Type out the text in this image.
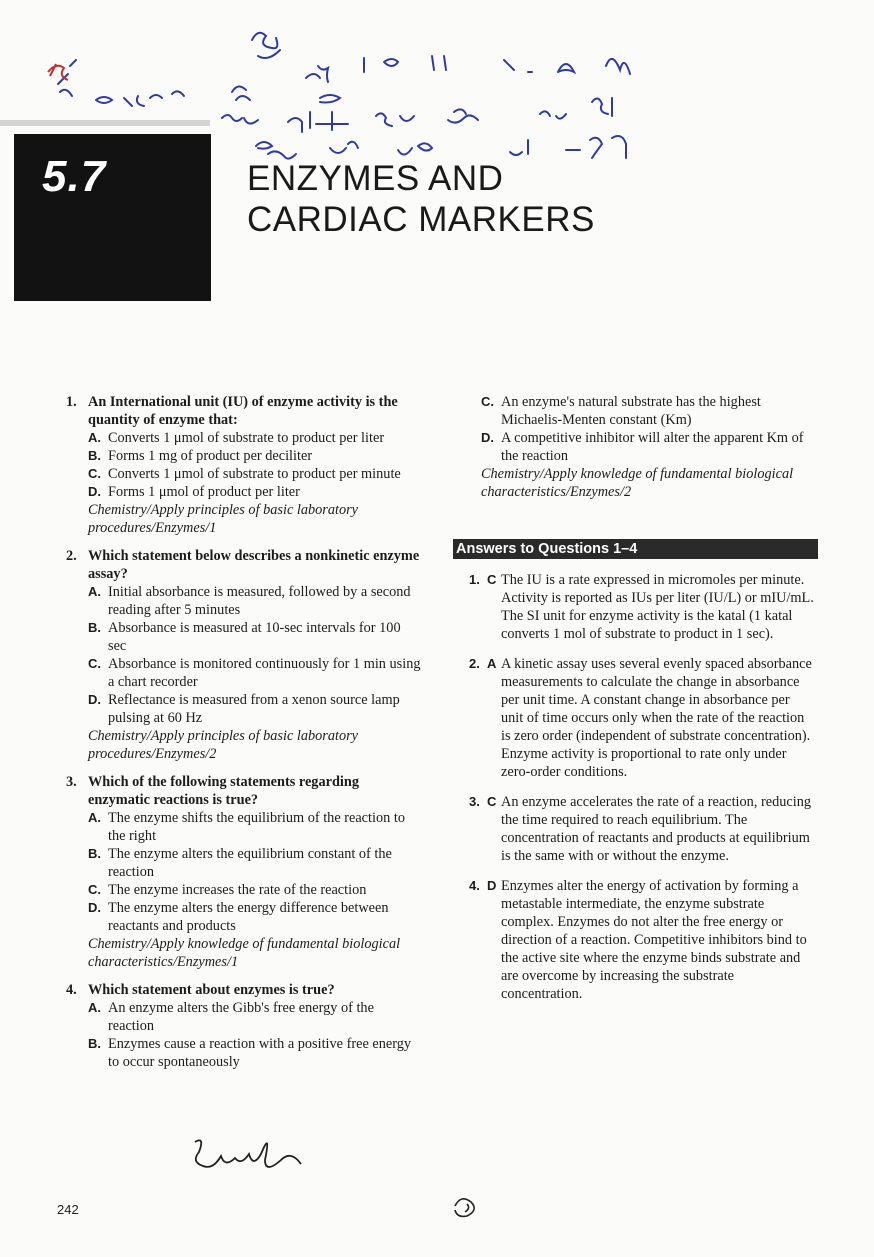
5.7	ENZYMES AND
CARDIAC MARKERS
1. An International unit (IU) of enzyme activity is the quantity of enzyme that:
A. Converts 1 μmol of substrate to product per liter
B. Forms 1 mg of product per deciliter
C. Converts 1 μmol of substrate to product per minute
D. Forms 1 μmol of product per liter
Chemistry/Apply principles of basic laboratory procedures/Enzymes/1
2. Which statement below describes a nonkinetic enzyme assay?
A. Initial absorbance is measured, followed by a second reading after 5 minutes
B. Absorbance is measured at 10-sec intervals for 100 sec
C. Absorbance is monitored continuously for 1 min using a chart recorder
D. Reflectance is measured from a xenon source lamp pulsing at 60 Hz
Chemistry/Apply principles of basic laboratory procedures/Enzymes/2
3. Which of the following statements regarding enzymatic reactions is true?
A. The enzyme shifts the equilibrium of the reaction to the right
B. The enzyme alters the equilibrium constant of the reaction
C. The enzyme increases the rate of the reaction
D. The enzyme alters the energy difference between reactants and products
Chemistry/Apply knowledge of fundamental biological characteristics/Enzymes/1
4. Which statement about enzymes is true?
A. An enzyme alters the Gibb's free energy of the reaction
B. Enzymes cause a reaction with a positive free energy to occur spontaneously
C. An enzyme's natural substrate has the highest Michaelis-Menten constant (Km)
D. A competitive inhibitor will alter the apparent Km of the reaction
Chemistry/Apply knowledge of fundamental biological characteristics/Enzymes/2
Answers to Questions 1–4
1. C The IU is a rate expressed in micromoles per minute. Activity is reported as IUs per liter (IU/L) or mIU/mL. The SI unit for enzyme activity is the katal (1 katal converts 1 mol of substrate to product in 1 sec).
2. A A kinetic assay uses several evenly spaced absorbance measurements to calculate the change in absorbance per unit time. A constant change in absorbance per unit of time occurs only when the rate of the reaction is zero order (independent of substrate concentration). Enzyme activity is proportional to rate only under zero-order conditions.
3. C An enzyme accelerates the rate of a reaction, reducing the time required to reach equilibrium. The concentration of reactants and products at equilibrium is the same with or without the enzyme.
4. D Enzymes alter the energy of activation by forming a metastable intermediate, the enzyme substrate complex. Enzymes do not alter the free energy or direction of a reaction. Competitive inhibitors bind to the active site where the enzyme binds substrate and are overcome by increasing the substrate concentration.
242
